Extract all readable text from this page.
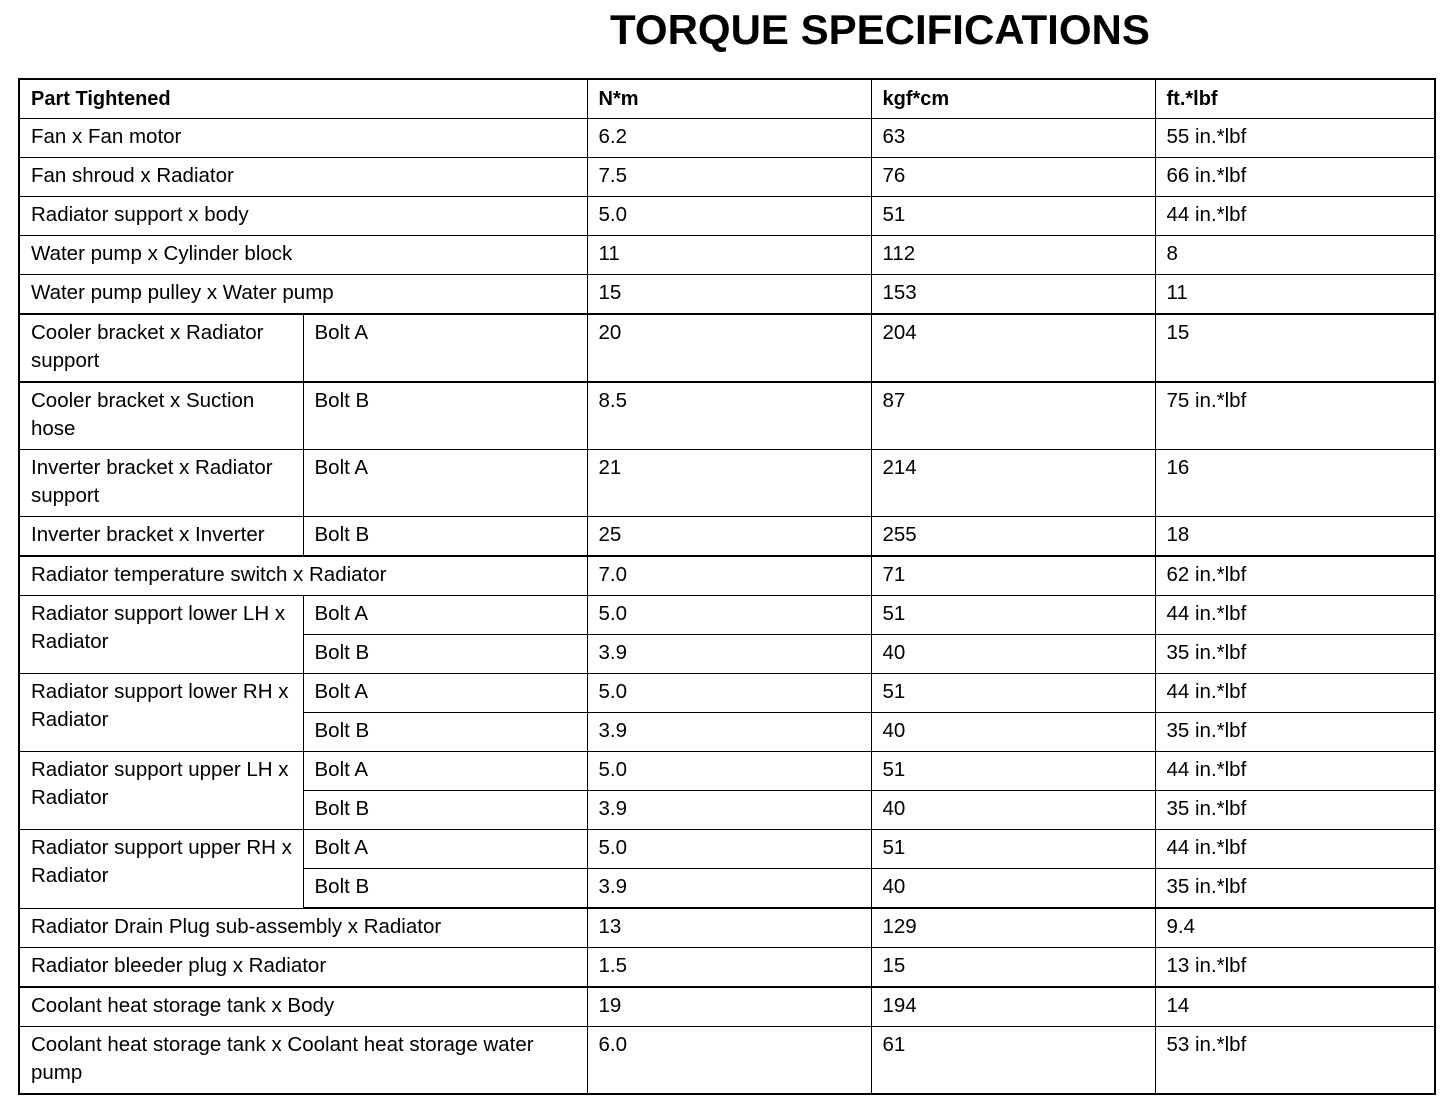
TORQUE SPECIFICATIONS
Part Tightened		N*m	kgf*cm	ft.*lbf
Fan x Fan motor		6.2	63	55 in.*lbf
Fan shroud x Radiator		7.5	76	66 in.*lbf
Radiator support x body		5.0	51	44 in.*lbf
Water pump x Cylinder block		11	112	8
Water pump pulley x Water pump		15	153	11
Cooler bracket x Radiator support	Bolt A	20	204	15
Cooler bracket x Suction hose	Bolt B	8.5	87	75 in.*lbf
Inverter bracket x Radiator support	Bolt A	21	214	16
Inverter bracket x Inverter	Bolt B	25	255	18
Radiator temperature switch x Radiator		7.0	71	62 in.*lbf
Radiator support lower LH x Radiator	Bolt A	5.0	51	44 in.*lbf
	Bolt B	3.9	40	35 in.*lbf
Radiator support lower RH x Radiator	Bolt A	5.0	51	44 in.*lbf
	Bolt B	3.9	40	35 in.*lbf
Radiator support upper LH x Radiator	Bolt A	5.0	51	44 in.*lbf
	Bolt B	3.9	40	35 in.*lbf
Radiator support upper RH x Radiator	Bolt A	5.0	51	44 in.*lbf
	Bolt B	3.9	40	35 in.*lbf
Radiator Drain Plug sub-assembly x Radiator		13	129	9.4
Radiator bleeder plug x Radiator		1.5	15	13 in.*lbf
Coolant heat storage tank x Body		19	194	14
Coolant heat storage tank x Coolant heat storage water pump		6.0	61	53 in.*lbf
